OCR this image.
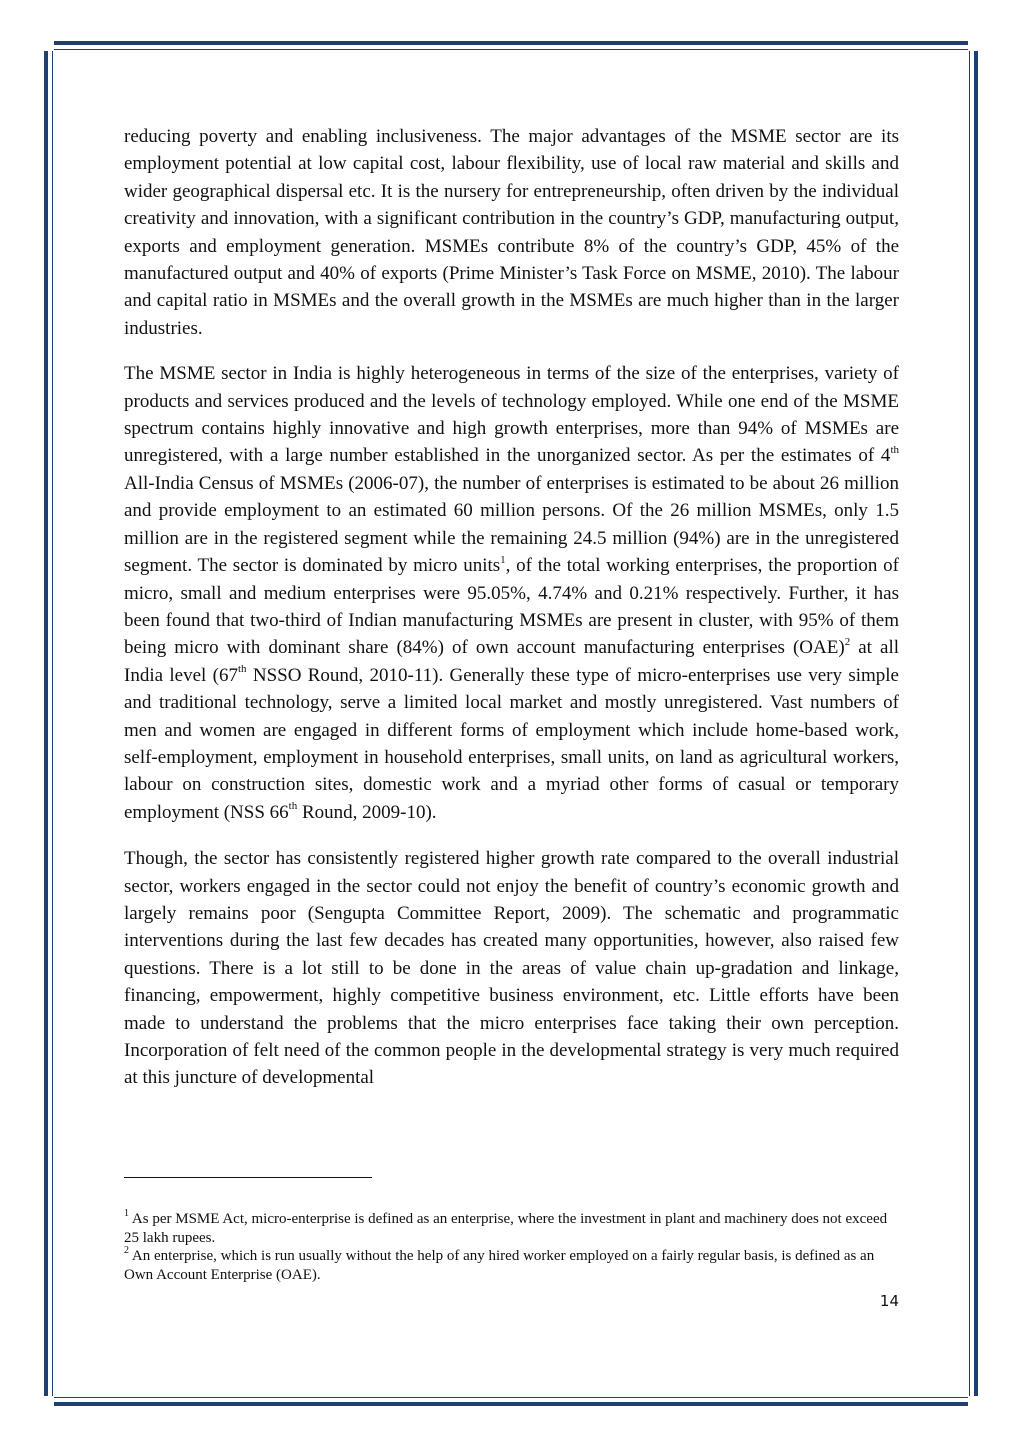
reducing poverty and enabling inclusiveness. The major advantages of the MSME sector are its employment potential at low capital cost, labour flexibility, use of local raw material and skills and wider geographical dispersal etc. It is the nursery for entrepreneurship, often driven by the individual creativity and innovation, with a significant contribution in the country’s GDP, manufacturing output, exports and employment generation. MSMEs contribute 8% of the country’s GDP, 45% of the manufactured output and 40% of exports (Prime Minister’s Task Force on MSME, 2010). The labour and capital ratio in MSMEs and the overall growth in the MSMEs are much higher than in the larger industries.

The MSME sector in India is highly heterogeneous in terms of the size of the enterprises, variety of products and services produced and the levels of technology employed. While one end of the MSME spectrum contains highly innovative and high growth enterprises, more than 94% of MSMEs are unregistered, with a large number established in the unorganized sector. As per the estimates of 4th All-India Census of MSMEs (2006-07), the number of enterprises is estimated to be about 26 million and provide employment to an estimated 60 million persons. Of the 26 million MSMEs, only 1.5 million are in the registered segment while the remaining 24.5 million (94%) are in the unregistered segment. The sector is dominated by micro units$^1$, of the total working enterprises, the proportion of micro, small and medium enterprises were 95.05%, 4.74% and 0.21% respectively. Further, it has been found that two-third of Indian manufacturing MSMEs are present in cluster, with 95% of them being micro with dominant share (84%) of own account manufacturing enterprises (OAE)$^2$ at all India level (67th NSSO Round, 2010-11). Generally these type of micro-enterprises use very simple and traditional technology, serve a limited local market and mostly unregistered. Vast numbers of men and women are engaged in different forms of employment which include home-based work, self-employment, employment in household enterprises, small units, on land as agricultural workers, labour on construction sites, domestic work and a myriad other forms of casual or temporary employment (NSS 66th Round, 2009-10).

Though, the sector has consistently registered higher growth rate compared to the overall industrial sector, workers engaged in the sector could not enjoy the benefit of country’s economic growth and largely remains poor (Sengupta Committee Report, 2009). The schematic and programmatic interventions during the last few decades has created many opportunities, however, also raised few questions. There is a lot still to be done in the areas of value chain up-gradation and linkage, financing, empowerment, highly competitive business environment, etc. Little efforts have been made to understand the problems that the micro enterprises face taking their own perception. Incorporation of felt need of the common people in the developmental strategy is very much required at this juncture of developmental

$^1$ As per MSME Act, micro-enterprise is defined as an enterprise, where the investment in plant and machinery does not exceed 25 lakh rupees.

$^2$ An enterprise, which is run usually without the help of any hired worker employed on a fairly regular basis, is defined as an Own Account Enterprise (OAE).

14
